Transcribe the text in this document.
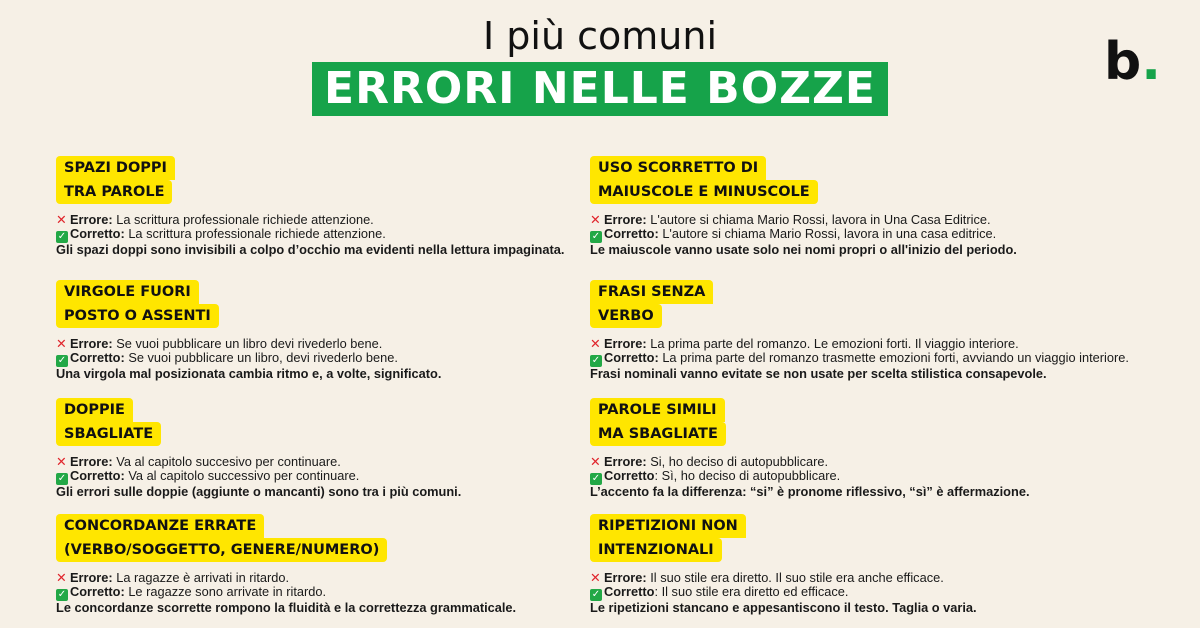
I più comuni
ERRORI NELLE BOZZE	b.
SPAZI DOPPI
TRA PAROLE
✕ Errore: La scrittura professionale richiede attenzione.
✓ Corretto: La scrittura professionale richiede attenzione.
Gli spazi doppi sono invisibili a colpo d’occhio ma evidenti nella lettura impaginata.
VIRGOLE FUORI
POSTO O ASSENTI
✕ Errore: Se vuoi pubblicare un libro devi rivederlo bene.
✓ Corretto: Se vuoi pubblicare un libro, devi rivederlo bene.
Una virgola mal posizionata cambia ritmo e, a volte, significato.
DOPPIE
SBAGLIATE
✕ Errore: Va al capitolo succesivo per continuare.
✓ Corretto: Va al capitolo successivo per continuare.
Gli errori sulle doppie (aggiunte o mancanti) sono tra i più comuni.
CONCORDANZE ERRATE
(VERBO/SOGGETTO, GENERE/NUMERO)
✕ Errore: La ragazze è arrivati in ritardo.
✓ Corretto: Le ragazze sono arrivate in ritardo.
Le concordanze scorrette rompono la fluidità e la correttezza grammaticale.
USO SCORRETTO DI
MAIUSCOLE E MINUSCOLE
✕ Errore: L'autore si chiama Mario Rossi, lavora in Una Casa Editrice.
✓ Corretto: L'autore si chiama Mario Rossi, lavora in una casa editrice.
Le maiuscole vanno usate solo nei nomi propri o all'inizio del periodo.
FRASI SENZA
VERBO
✕ Errore: La prima parte del romanzo. Le emozioni forti. Il viaggio interiore.
✓ Corretto: La prima parte del romanzo trasmette emozioni forti, avviando un viaggio interiore.
Frasi nominali vanno evitate se non usate per scelta stilistica consapevole.
PAROLE SIMILI
MA SBAGLIATE
✕ Errore: Si, ho deciso di autopubblicare.
✓ Corretto: Sì, ho deciso di autopubblicare.
L’accento fa la differenza: “si” è pronome riflessivo, “sì” è affermazione.
RIPETIZIONI NON
INTENZIONALI
✕ Errore: Il suo stile era diretto. Il suo stile era anche efficace.
✓ Corretto: Il suo stile era diretto ed efficace.
Le ripetizioni stancano e appesantiscono il testo. Taglia o varia.
